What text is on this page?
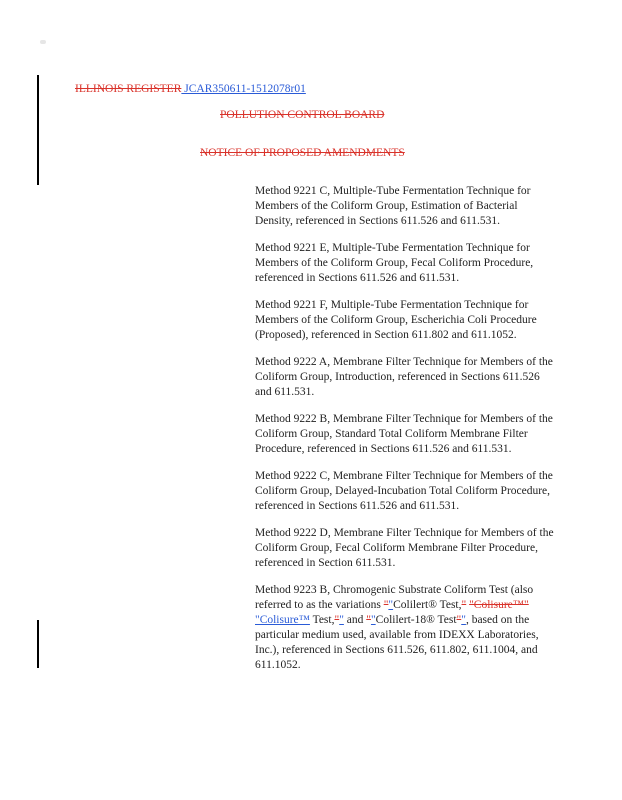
ILLINOIS REGISTER JCAR350611-1512078r01
POLLUTION CONTROL BOARD
NOTICE OF PROPOSED AMENDMENTS

Method 9221 C, Multiple-Tube Fermentation Technique for Members of the Coliform Group, Estimation of Bacterial Density, referenced in Sections 611.526 and 611.531.

Method 9221 E, Multiple-Tube Fermentation Technique for Members of the Coliform Group, Fecal Coliform Procedure, referenced in Sections 611.526 and 611.531.

Method 9221 F, Multiple-Tube Fermentation Technique for Members of the Coliform Group, Escherichia Coli Procedure (Proposed), referenced in Section 611.802 and 611.1052.

Method 9222 A, Membrane Filter Technique for Members of the Coliform Group, Introduction, referenced in Sections 611.526 and 611.531.

Method 9222 B, Membrane Filter Technique for Members of the Coliform Group, Standard Total Coliform Membrane Filter Procedure, referenced in Sections 611.526 and 611.531.

Method 9222 C, Membrane Filter Technique for Members of the Coliform Group, Delayed-Incubation Total Coliform Procedure, referenced in Sections 611.526 and 611.531.

Method 9222 D, Membrane Filter Technique for Members of the Coliform Group, Fecal Coliform Membrane Filter Procedure, referenced in Section 611.531.

Method 9223 B, Chromogenic Substrate Coliform Test (also referred to as the variations ""Colilert® Test," "Colisure™" "Colisure™ Test,"" and ""Colilert-18® Test"", based on the particular medium used, available from IDEXX Laboratories, Inc.), referenced in Sections 611.526, 611.802, 611.1004, and 611.1052.
